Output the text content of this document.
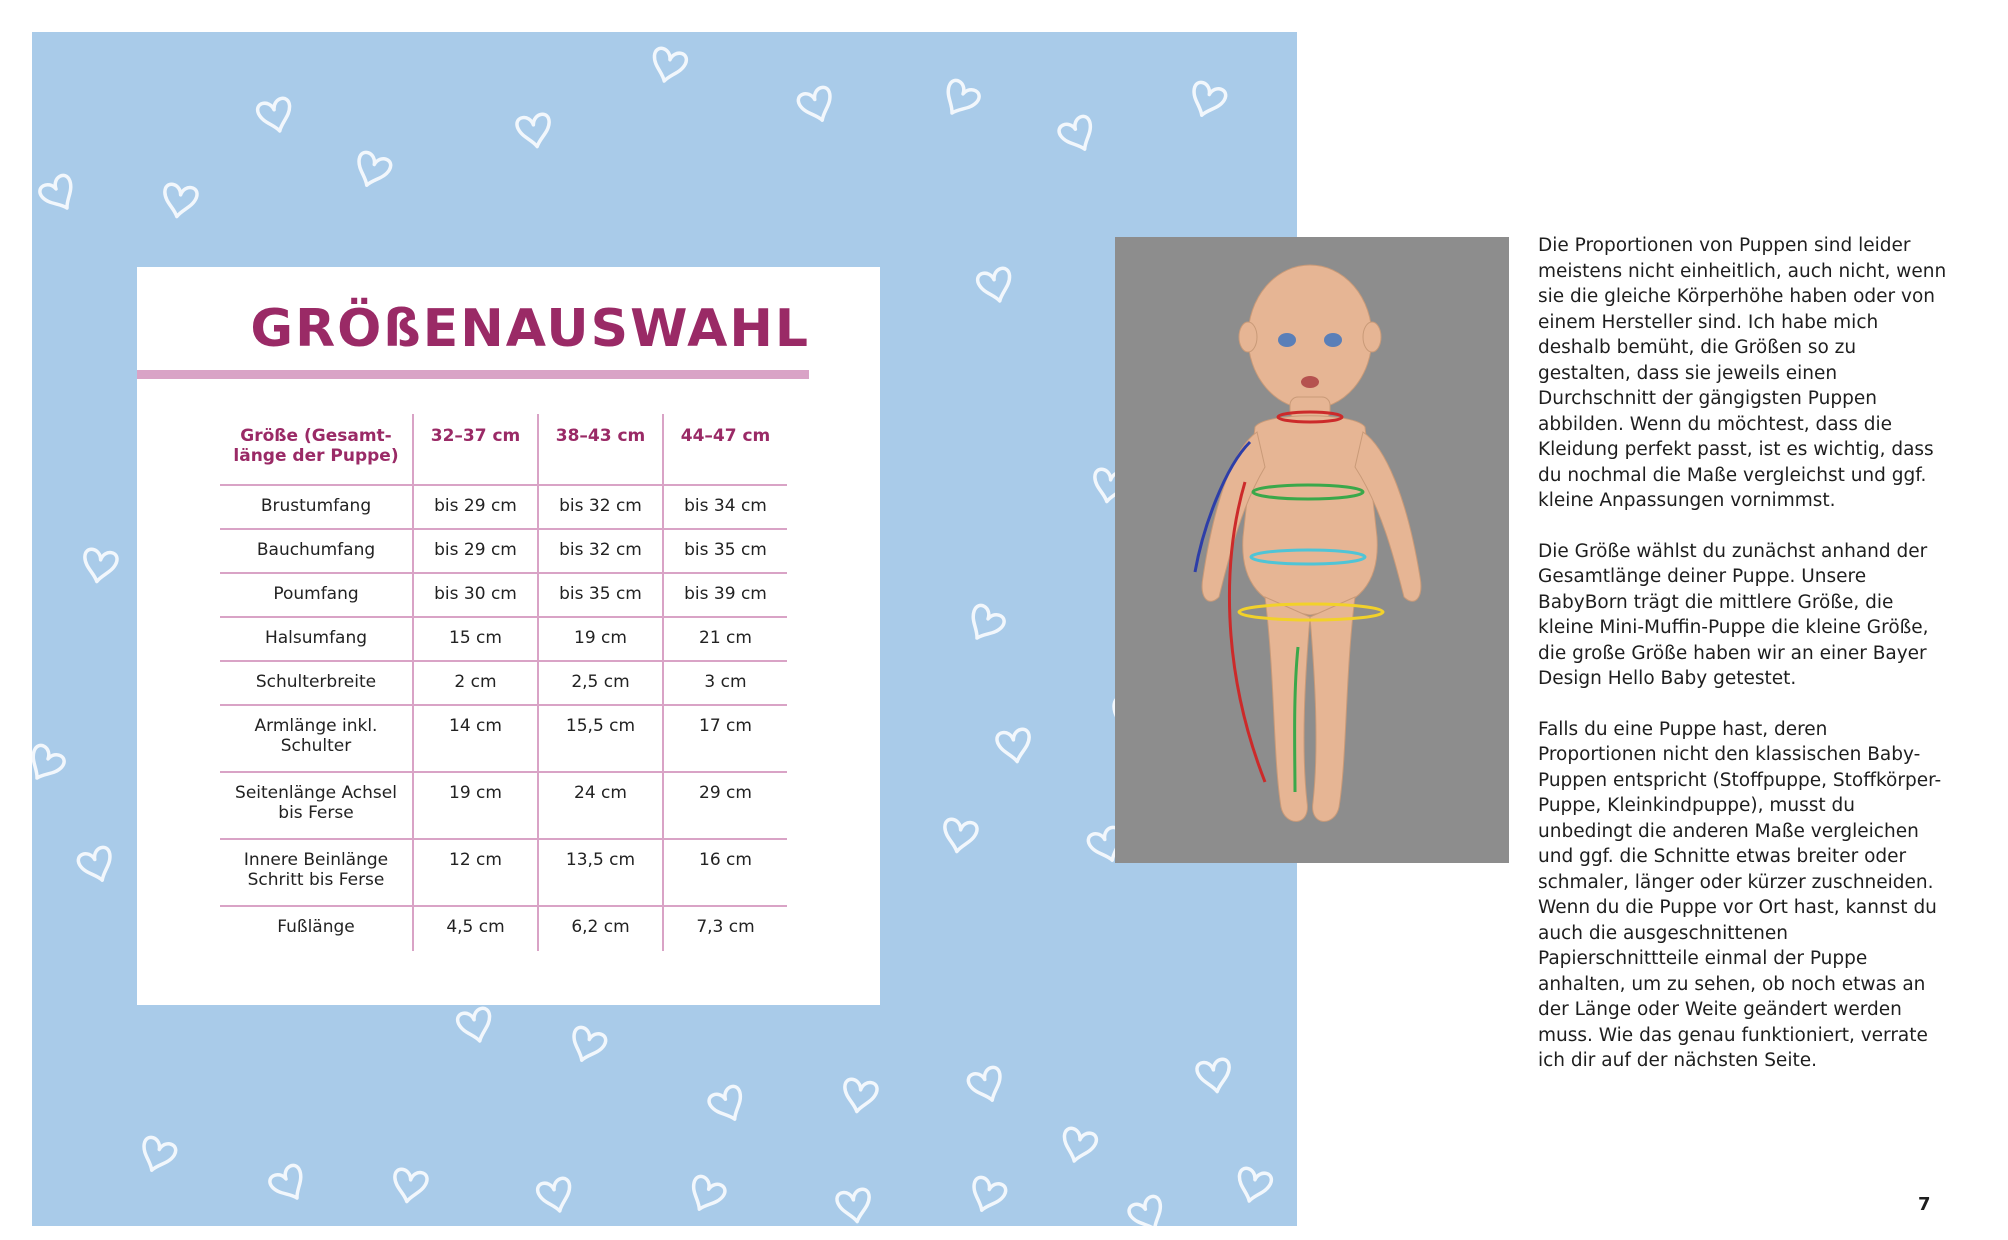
GRÖßENAUSWAHL
Größe (Gesamt-länge der Puppe)	32–37 cm	38–43 cm	44–47 cm
Brustumfang	bis 29 cm	bis 32 cm	bis 34 cm
Bauchumfang	bis 29 cm	bis 32 cm	bis 35 cm
Poumfang	bis 30 cm	bis 35 cm	bis 39 cm
Halsumfang	15 cm	19 cm	21 cm
Schulterbreite	2 cm	2,5 cm	3 cm
Armlänge inkl. Schulter	14 cm	15,5 cm	17 cm
Seitenlänge Achsel bis Ferse	19 cm	24 cm	29 cm
Innere Beinlänge Schritt bis Ferse	12 cm	13,5 cm	16 cm
Fußlänge	4,5 cm	6,2 cm	7,3 cm

Die Proportionen von Puppen sind leider meistens nicht einheitlich, auch nicht, wenn sie die gleiche Körperhöhe haben oder von einem Hersteller sind. Ich habe mich deshalb bemüht, die Größen so zu gestalten, dass sie jeweils einen Durchschnitt der gängigsten Puppen abbilden. Wenn du möchtest, dass die Kleidung perfekt passt, ist es wichtig, dass du nochmal die Maße vergleichst und ggf. kleine Anpassungen vornimmst.

Die Größe wählst du zunächst anhand der Gesamtlänge deiner Puppe. Unsere BabyBorn trägt die mittlere Größe, die kleine Mini-Muffin-Puppe die kleine Größe, die große Größe haben wir an einer Bayer Design Hello Baby getestet.

Falls du eine Puppe hast, deren Proportionen nicht den klassischen Baby-Puppen entspricht (Stoffpuppe, Stoffkörper-Puppe, Kleinkindpuppe), musst du unbedingt die anderen Maße vergleichen und ggf. die Schnitte etwas breiter oder schmaler, länger oder kürzer zuschneiden. Wenn du die Puppe vor Ort hast, kannst du auch die ausgeschnittenen Papierschnittteile einmal der Puppe anhalten, um zu sehen, ob noch etwas an der Länge oder Weite geändert werden muss. Wie das genau funktioniert, verrate ich dir auf der nächsten Seite.

7
